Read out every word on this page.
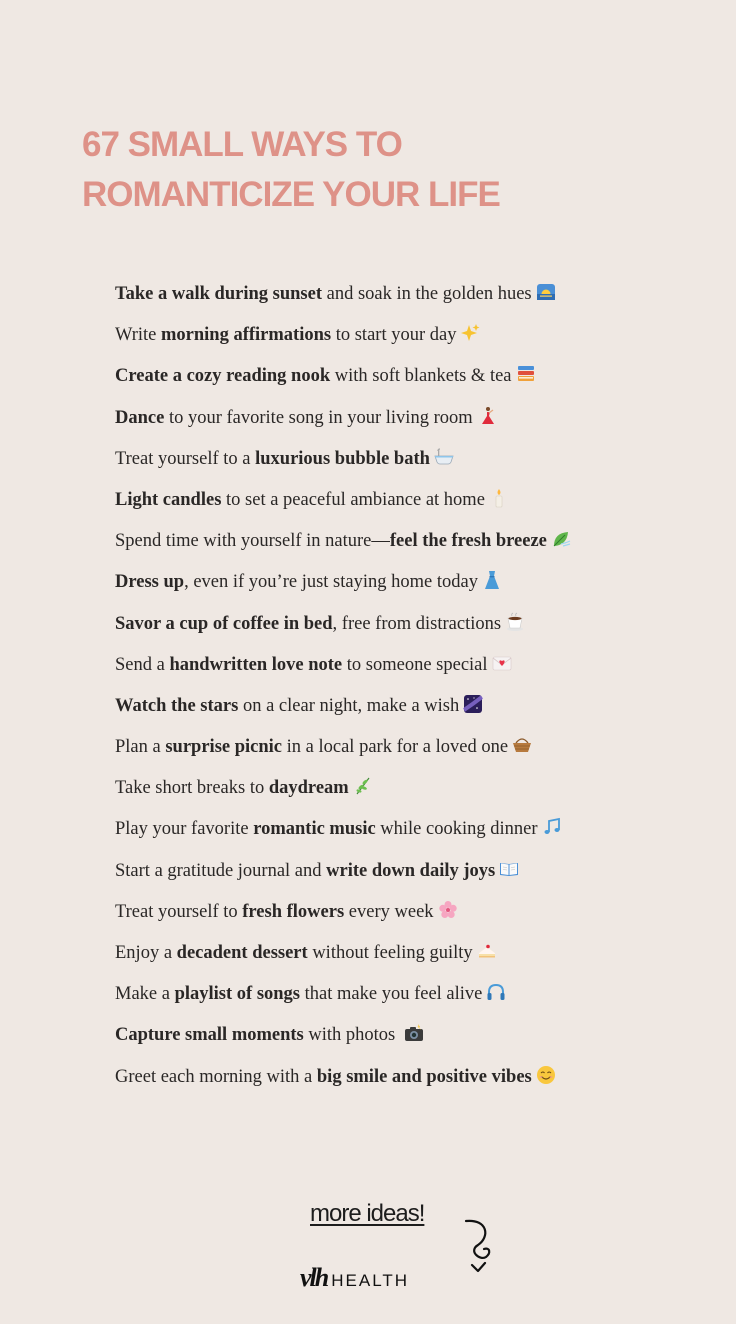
67 SMALL WAYS TO
ROMANTICIZE YOUR LIFE
Take a walk during sunset and soak in the golden hues
Write morning affirmations to start your day
Create a cozy reading nook with soft blankets & tea
Dance to your favorite song in your living room
Treat yourself to a luxurious bubble bath
Light candles to set a peaceful ambiance at home
Spend time with yourself in nature—feel the fresh breeze
Dress up, even if you’re just staying home today
Savor a cup of coffee in bed, free from distractions
Send a handwritten love note to someone special
Watch the stars on a clear night, make a wish
Plan a surprise picnic in a local park for a loved one
Take short breaks to daydream
Play your favorite romantic music while cooking dinner
Start a gratitude journal and write down daily joys
Treat yourself to fresh flowers every week
Enjoy a decadent dessert without feeling guilty
Make a playlist of songs that make you feel alive
Capture small moments with photos
Greet each morning with a big smile and positive vibes
more ideas!
vlh HEALTH
